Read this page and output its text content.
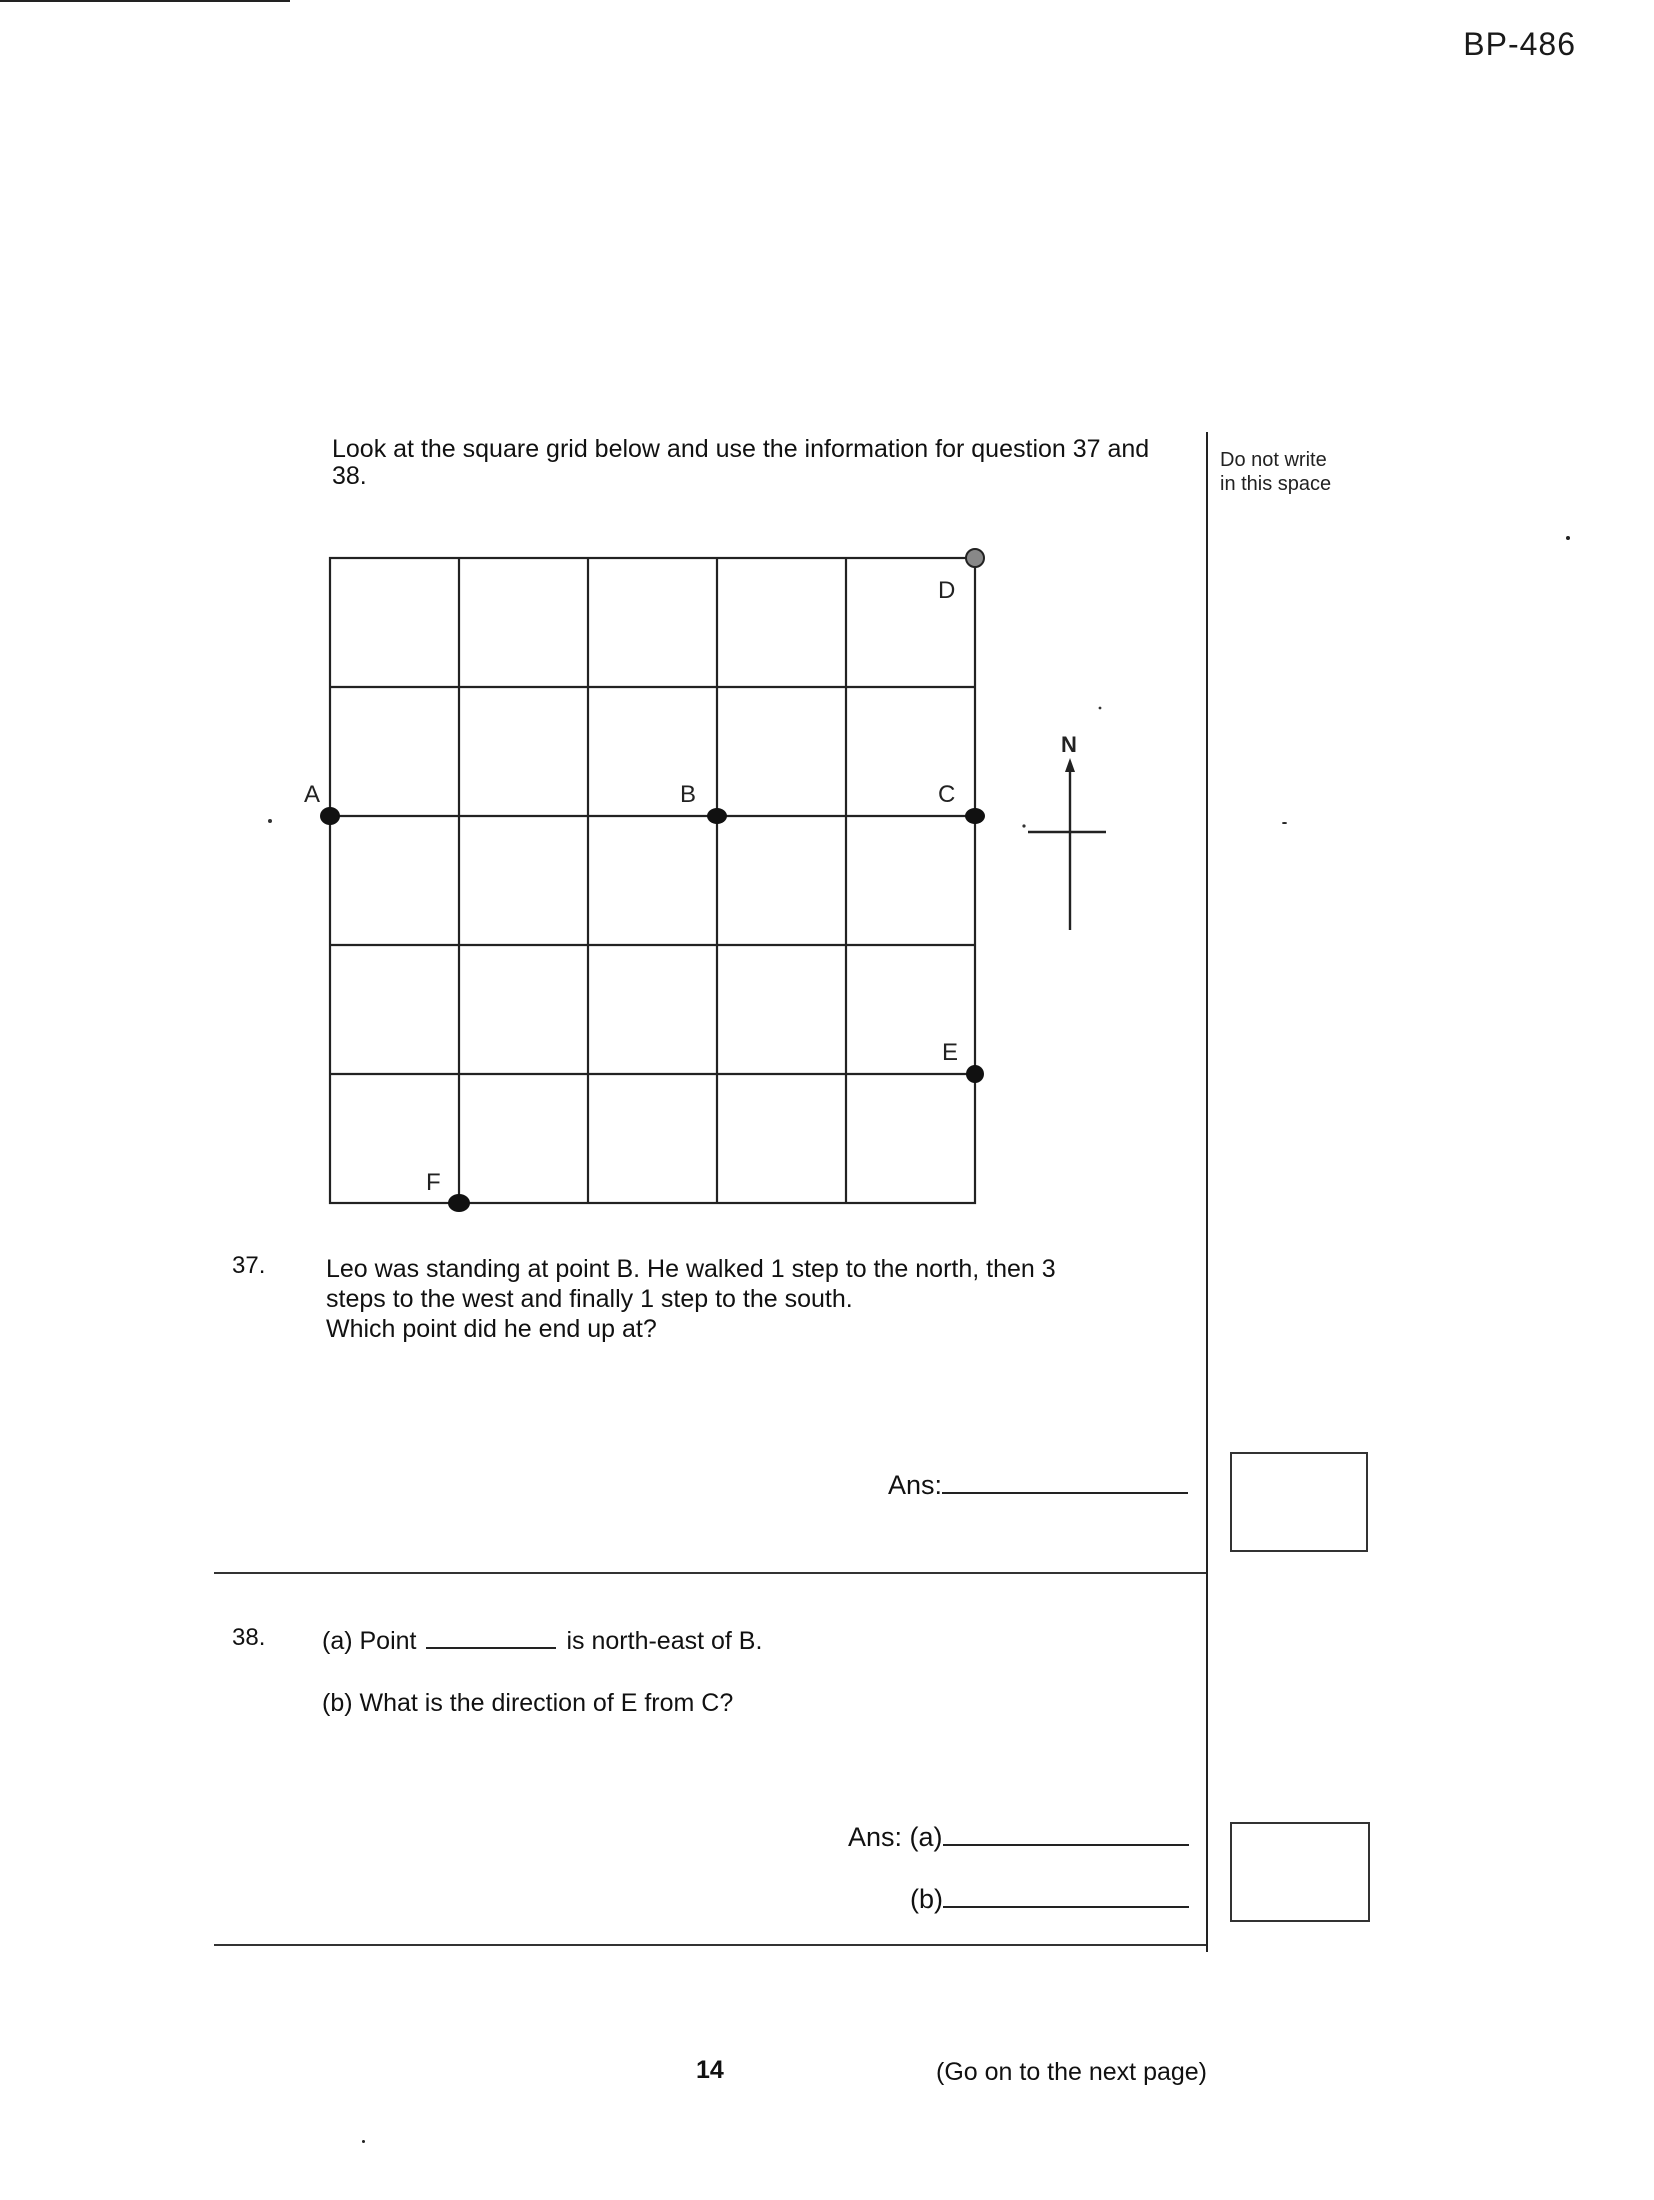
BP-486
Look at the square grid below and use the information for question 37 and 38.
Do not write
in this space
A	B	C
D
E
F
N
37. Leo was standing at point B. He walked 1 step to the north, then 3
steps to the west and finally 1 step to the south.
Which point did he end up at?
Ans:
38. (a) Point	is north-east of B.
(b) What is the direction of E from C?
Ans: (a)
(b)
14	(Go on to the next page)
